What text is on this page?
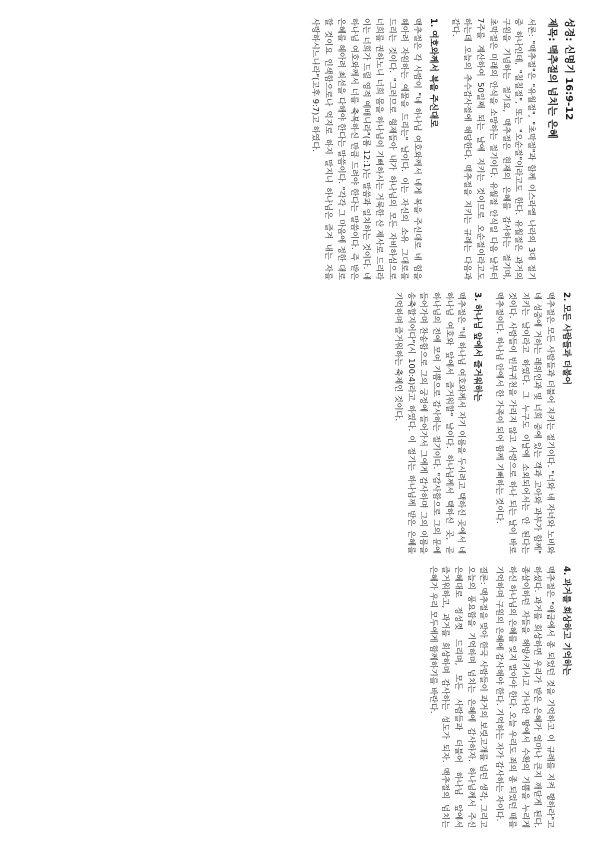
성경: 신명기 16:9-12
제목: 맥추절의 넘치는 은혜

서론: "맥추절"은 "유월절", "초막절"과 함께 이스라엘 나라의 3대 절기 중 하나인데, "칠칠절", 또는 "오순절"이라고도 한다. 유월절은 과거의 구원을 기념하는 절기요, 맥추절은 현재의 은혜를 감사하는 절기며, 초막절은 미래의 안식을 소망하는 절기이다. 유월절 안식일 다음 날부터 7주를 계산하여 50일째 되는 날에 지키는 것이므로 오순절이라고도 하는데 오늘의 추수감사절에 해당한다. 맥추절을 지키는 규례는 다음과 같다.

1. 여호와께서 복을 주신대로

맥추절은 각 사람이 "네 하나님 여호와께서 네게 복을 주신대로 네 힘을 헤아려 자원하는 예물을 드리는" 날이다. 이는 자신의 소유 그대로를 드리는 것이다. "그러므로 형제들아 내가 하나님의 모든 자비하심으로 너희를 권하노니 너희 몸을 하나님이 기뻐하시는 거룩한 산 제사로 드리라 이는 너희가 드릴 영적 예배니라"(롬 12:1)는 말씀과 일치하는 것이다. 네 하나님 여호와께서 너를 축복하신 만큼 드려야 한다는 말씀이다. 즉 받은 은혜를 헤아려 최선을 다해야 한다는 말씀이다. "각각 그 마음에 정한 대로 할 것이요 인색함으로나 억지로 하지 말지니 하나님은 즐겨 내는 자를 사랑하시느니라"(고후 9:7)고 하였다.

2. 모든 사람들과 더불어

맥추절은 모든 사람들과 더불어 지키는 절기이다. "너와 네 자녀와 노비와 네 성중에 거하는 레위인과 및 너희 중에 있는 객과 고아와 과부가 함께" 지키는 날이라고 하였다. 그 누구도 이날에 소외되어서는 안 된다는 것이다. 사람들이 빈부귀천을 가리지 않고 사랑으로 하나 되는 날이 바로 맥추절이다. 하나님 안에서 한 가족이 되어 함께 기뻐하는 것이다.

3. 하나님 앞에서 즐거워하는

맥추절은 "네 하나님 여호와께서 자기 이름을 두시려고 택하신 곳에서 네 하나님 여호와 앞에서 즐거워할" 날이다. 하나님께서 택하신 곳, 곧 하나님의 전에 모여 기쁨으로 감사하는 절기이다. "감사함으로 그의 문에 들어가며 찬송함으로 그의 궁정에 들어가서 그에게 감사하며 그의 이름을 송축할지어다"(시 100:4)라고 하였다. 이 절기는 하나님께 받은 은혜를 기억하며 즐거워하는 축제인 것이다.

4. 과거를 회상하고 기억하는

맥추절은 "애굽에서 종 되었던 것을 기억하고 이 규례를 지켜 행하라"고 하셨다. 과거를 회상하면 우리가 받은 은혜가 얼마나 큰지 깨닫게 된다. 종살이하던 자들을 해방시키시고 가나안 땅에서 수확의 기쁨을 누리게 하신 하나님의 은혜를 잊지 말아야 한다. 오늘 우리도 죄의 종 되었던 때를 기억하며 구원의 은혜에 감사해야 한다. 기억하는 자가 감사하는 자이다.

결론: 맥추절을 맞아 한국 사람들이 과거의 보릿고개를 넘던 생각, 그리고 오늘의 풍요함을 기억하며 넘치는 은혜에 감사하자. 하나님께서 주신 은혜대로 정성껏 드리며, 모든 사람들과 더불어 하나님 앞에서 즐거워하고, 과거를 회상하며 감사하는 성도가 되자. 맥추절의 넘치는 은혜가 우리 모두에게 함께하기를 바란다.
